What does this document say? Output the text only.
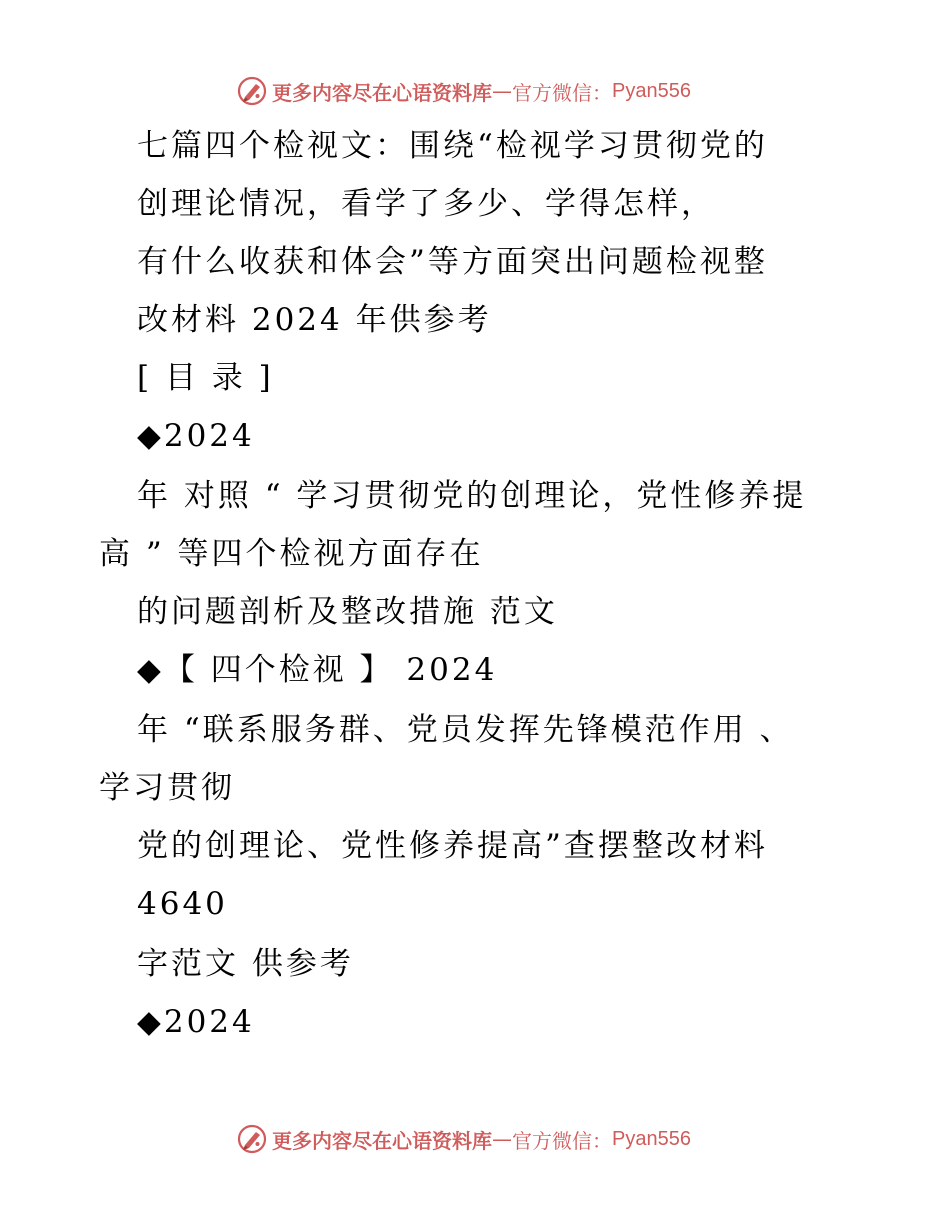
更多内容尽在心语资料库 — 官方微信： Pyan556
七篇四个检视文：围绕“检视学习贯彻党的
创理论情况，看学了多少、学得怎样，
有什么收获和体会”等方面突出问题检视整
改材料 2024 年供参考
[ 目 录 ]
◆2024
年 对照 “ 学习贯彻党的创理论，党性修养提
高 ” 等四个检视方面存在
的问题剖析及整改措施 范文
◆【 四个检视 】 2024
年 “联系服务群、党员发挥先锋模范作用 、
学习贯彻
党的创理论、党性修养提高”查摆整改材料
4640
字范文 供参考
◆2024
更多内容尽在心语资料库 — 官方微信： Pyan556
